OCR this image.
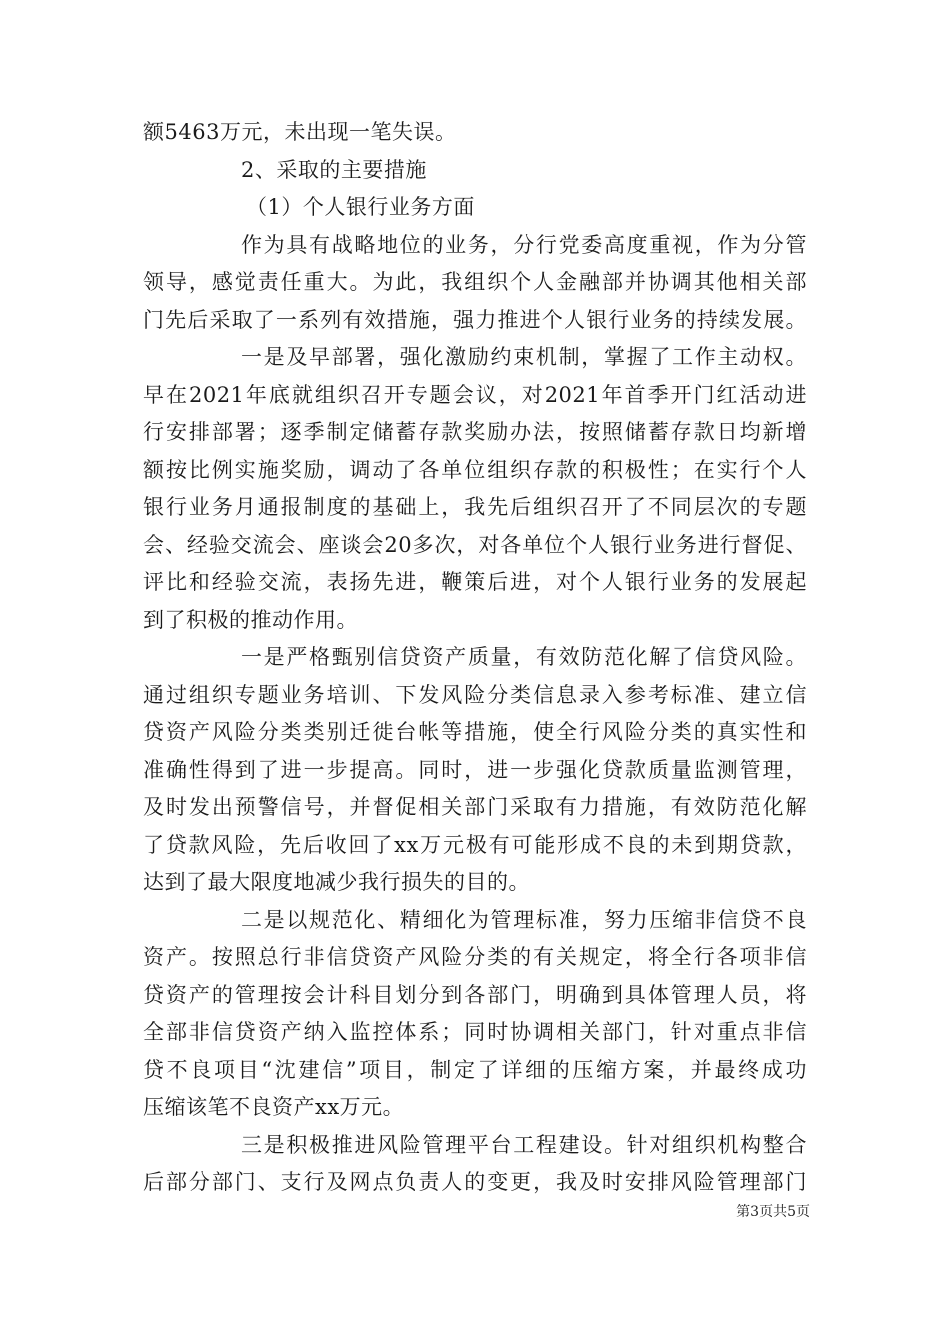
额5463万元，未出现一笔失误。
2、采取的主要措施
（1）个人银行业务方面
作为具有战略地位的业务，分行党委高度重视，作为分管
领导，感觉责任重大。为此，我组织个人金融部并协调其他相关部
门先后采取了一系列有效措施，强力推进个人银行业务的持续发展。
一是及早部署，强化激励约束机制，掌握了工作主动权。
早在2021年底就组织召开专题会议，对2021年首季开门红活动进
行安排部署；逐季制定储蓄存款奖励办法，按照储蓄存款日均新增
额按比例实施奖励，调动了各单位组织存款的积极性；在实行个人
银行业务月通报制度的基础上，我先后组织召开了不同层次的专题
会、经验交流会、座谈会20多次，对各单位个人银行业务进行督促、
评比和经验交流，表扬先进，鞭策后进，对个人银行业务的发展起
到了积极的推动作用。
一是严格甄别信贷资产质量，有效防范化解了信贷风险。
通过组织专题业务培训、下发风险分类信息录入参考标准、建立信
贷资产风险分类类别迁徙台帐等措施，使全行风险分类的真实性和
准确性得到了进一步提高。同时，进一步强化贷款质量监测管理，
及时发出预警信号，并督促相关部门采取有力措施，有效防范化解
了贷款风险，先后收回了xx万元极有可能形成不良的未到期贷款，
达到了最大限度地减少我行损失的目的。
二是以规范化、精细化为管理标准，努力压缩非信贷不良
资产。按照总行非信贷资产风险分类的有关规定，将全行各项非信
贷资产的管理按会计科目划分到各部门，明确到具体管理人员，将
全部非信贷资产纳入监控体系；同时协调相关部门，针对重点非信
贷不良项目“沈建信”项目，制定了详细的压缩方案，并最终成功
压缩该笔不良资产xx万元。
三是积极推进风险管理平台工程建设。针对组织机构整合
后部分部门、支行及网点负责人的变更，我及时安排风险管理部门
第3页共5页
